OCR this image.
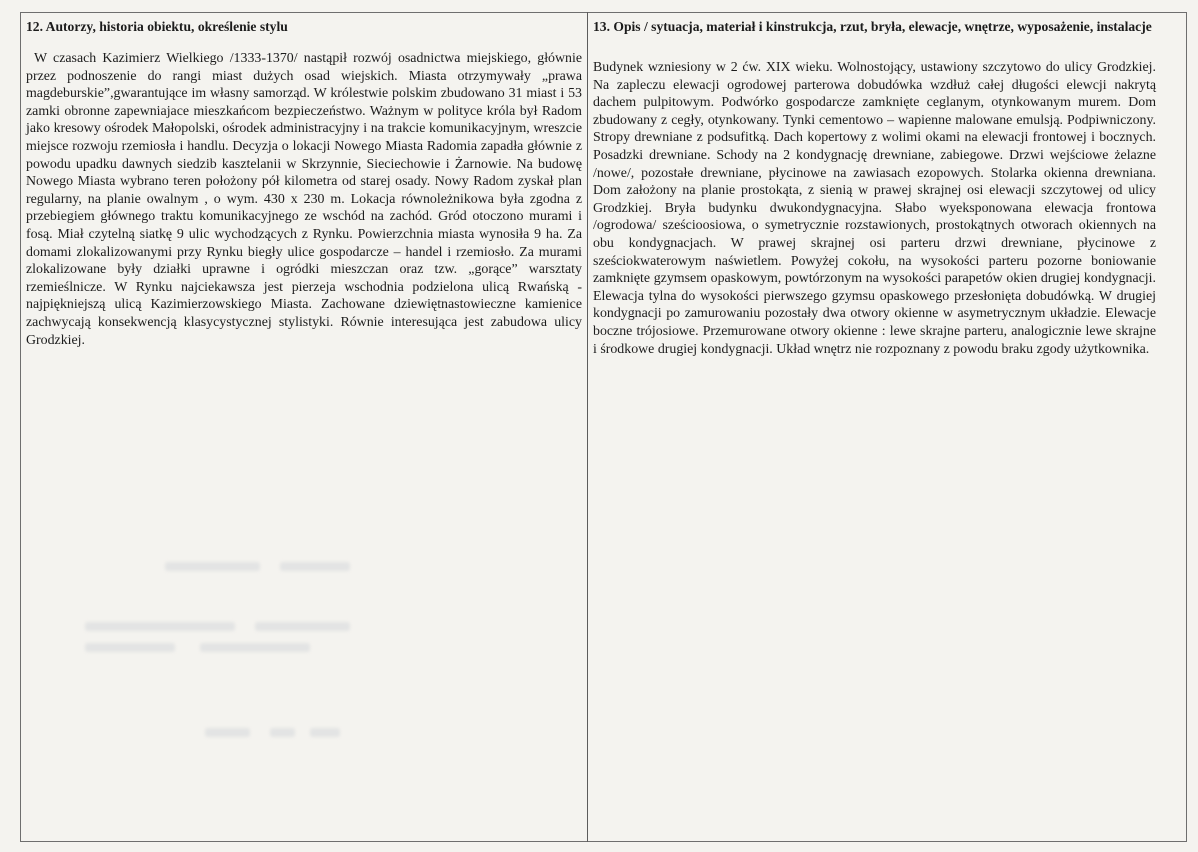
12. Autorzy, historia obiektu, określenie stylu

W czasach Kazimierz Wielkiego /1333-1370/ nastąpił rozwój osadnictwa miejskiego, głównie przez podnoszenie do rangi miast dużych osad wiejskich. Miasta otrzymywały „prawa magdeburskie”,gwarantujące im własny samorząd. W królestwie polskim zbudowano 31 miast i 53 zamki obronne zapewniajace mieszkańcom bezpieczeństwo. Ważnym w polityce króla był Radom jako kresowy ośrodek Małopolski, ośrodek administracyjny i na trakcie komunikacyjnym, wreszcie miejsce rozwoju rzemiosła i handlu. Decyzja o lokacji Nowego Miasta Radomia zapadła głównie z powodu upadku dawnych siedzib kasztelanii w Skrzynnie, Sieciechowie i Żarnowie. Na budowę Nowego Miasta wybrano teren położony pół kilometra od starej osady. Nowy Radom zyskał plan regularny, na planie owalnym , o wym. 430 x 230 m. Lokacja równoleżnikowa była zgodna z przebiegiem głównego traktu komunikacyjnego ze wschód na zachód. Gród otoczono murami i fosą. Miał czytelną siatkę 9 ulic wychodzących z Rynku. Powierzchnia miasta wynosiła 9 ha. Za domami zlokalizowanymi przy Rynku biegły ulice gospodarcze – handel i rzemiosło. Za murami zlokalizowane były działki uprawne i ogródki mieszczan oraz tzw. „gorące” warsztaty rzemieślnicze. W Rynku najciekawsza jest pierzeja wschodnia podzielona ulicą Rwańską - najpiękniejszą ulicą Kazimierzowskiego Miasta. Zachowane dziewiętnastowieczne kamienice zachwycają konsekwencją klasycystycznej stylistyki. Równie interesująca jest zabudowa ulicy Grodzkiej.

13. Opis / sytuacja, materiał i kinstrukcja, rzut, bryła, elewacje, wnętrze, wyposażenie, instalacje

Budynek wzniesiony w 2 ćw. XIX wieku. Wolnostojący, ustawiony szczytowo do ulicy Grodzkiej. Na zapleczu elewacji ogrodowej parterowa dobudówka wzdłuż całej długości elewcji nakrytą dachem pulpitowym. Podwórko gospodarcze zamknięte ceglanym, otynkowanym murem. Dom zbudowany z cegły, otynkowany. Tynki cementowo – wapienne malowane emulsją. Podpiwniczony. Stropy drewniane z podsufitką. Dach kopertowy z wolimi okami na elewacji frontowej i bocznych. Posadzki drewniane. Schody na 2 kondygnację drewniane, zabiegowe. Drzwi wejściowe żelazne /nowe/, pozostałe drewniane, płycinowe na zawiasach ezopowych. Stolarka okienna drewniana. Dom założony na planie prostokąta, z sienią w prawej skrajnej osi elewacji szczytowej od ulicy Grodzkiej. Bryła budynku dwukondygnacyjna. Słabo wyeksponowana elewacja frontowa /ogrodowa/ sześcioosiowa, o symetrycznie rozstawionych, prostokątnych otworach okiennych na obu kondygnacjach. W prawej skrajnej osi parteru drzwi drewniane, płycinowe z sześciokwaterowym naświetlem. Powyżej cokołu, na wysokości parteru pozorne boniowanie zamknięte gzymsem opaskowym, powtórzonym na wysokości parapetów okien drugiej kondygnacji. Elewacja tylna do wysokości pierwszego gzymsu opaskowego przesłonięta dobudówką. W drugiej kondygnacji po zamurowaniu pozostały dwa otwory okienne w asymetrycznym układzie. Elewacje boczne trójosiowe. Przemurowane otwory okienne : lewe skrajne parteru, analogicznie lewe skrajne i środkowe drugiej kondygnacji. Układ wnętrz nie rozpoznany z powodu braku zgody użytkownika.
